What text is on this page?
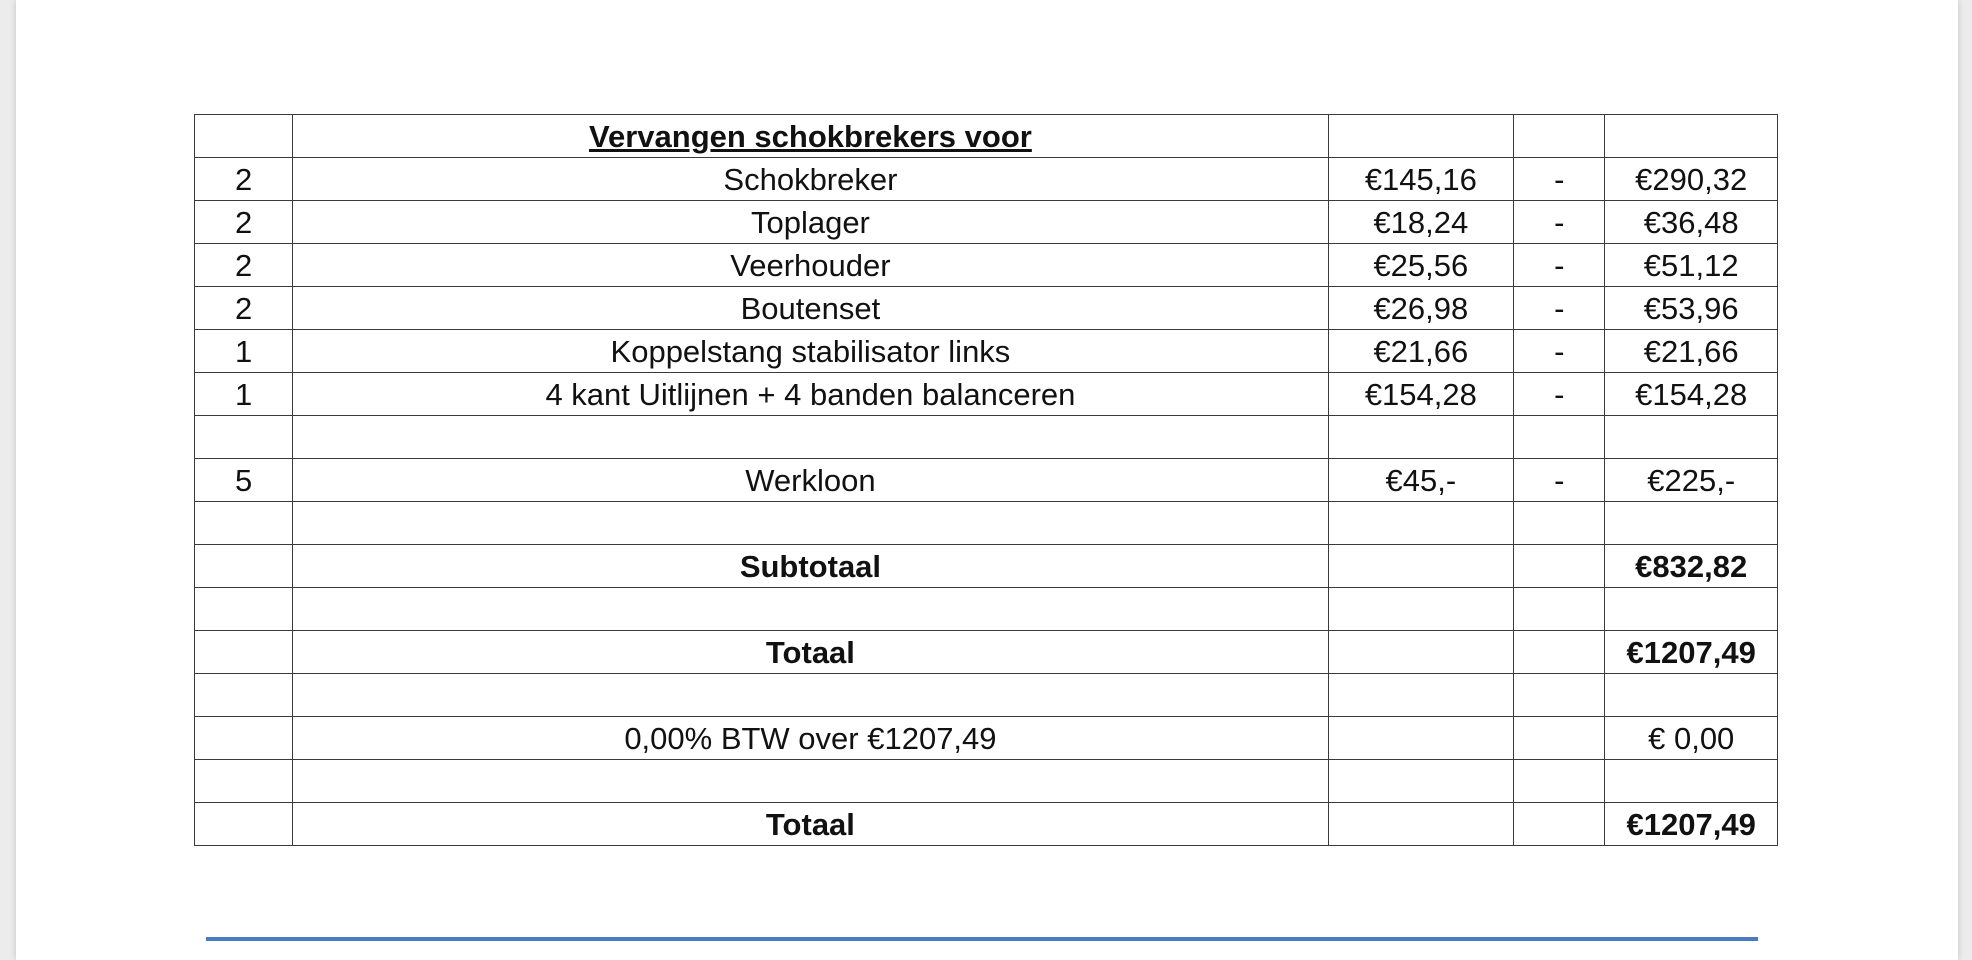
	Vervangen schokbrekers voor			
2	Schokbreker	€145,16	-	€290,32
2	Toplager	€18,24	-	€36,48
2	Veerhouder	€25,56	-	€51,12
2	Boutenset	€26,98	-	€53,96
1	Koppelstang stabilisator links	€21,66	-	€21,66
1	4 kant Uitlijnen + 4 banden balanceren	€154,28	-	€154,28

5	Werkloon	€45,-	-	€225,-

	Subtotaal			€832,82

	Totaal			€1207,49

	0,00% BTW over €1207,49			€ 0,00

	Totaal			€1207,49
